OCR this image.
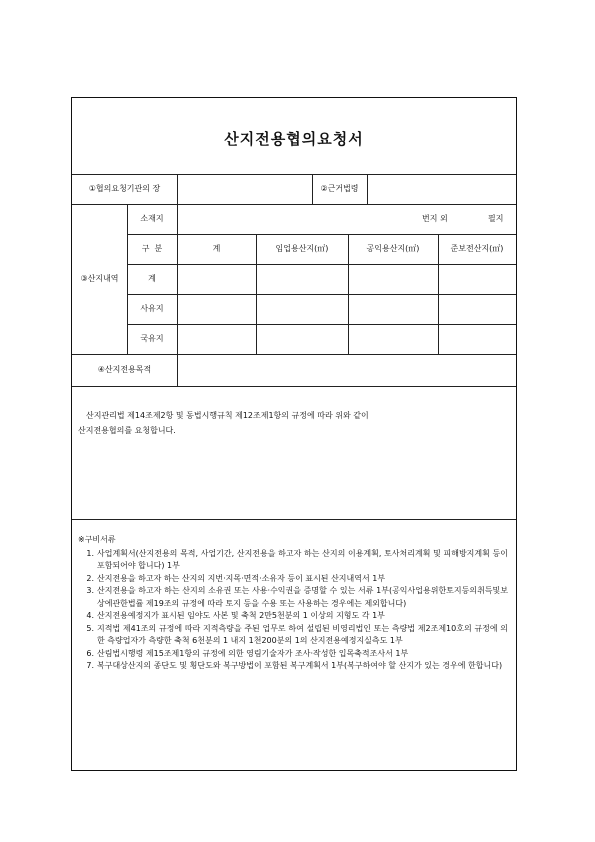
산지전용협의요청서
①협의요청기관의 장	②근거법령
③산지내역
소재지	번지 외	필지
구  분	계	임업용산지(㎡)	공익용산지(㎡)	준보전산지(㎡)
계
사유지
국유지
④산지전용목적
산지관리법 제14조제2항 및 동법시행규칙 제12조제1항의 규정에 따라 위와 같이
산지전용협의를 요청합니다.
※구비서류
1. 사업계획서(산지전용의 목적, 사업기간, 산지전용을 하고자 하는 산지의 이용계획, 토사처리계획 및 피해방지계획 등이 포함되어야 합니다) 1부
2. 산지전용을 하고자 하는 산지의 지번·지목·면적·소유자 등이 표시된 산지내역서 1부
3. 산지전용을 하고자 하는 산지의 소유권 또는 사용·수익권을 증명할 수 있는 서류 1부(공익사업용위한토지등의취득및보상에관한법률 제19조의 규정에 따라 토지 등을 수용 또는 사용하는 경우에는 제외합니다)
4. 산지전용예정지가 표시된 임야도 사본 및 축척 2만5천분의 1 이상의 지형도 각 1부
5. 지적법 제41조의 규정에 따라 지적측량을 주된 업무로 하여 설립된 비영리법인 또는 측량법 제2조제10호의 규정에 의한 측량업자가 측량한 축척 6천분의 1 내지 1천200분의 1의 산지전용예정지실측도 1부
6. 산림법시행령 제15조제1항의 규정에 의한 영림기술자가 조사·작성한 입목축적조사서 1부
7. 복구대상산지의 종단도 및 횡단도와 복구방법이 포함된 복구계획서 1부(복구하여야 할 산지가 있는 경우에 한합니다)
